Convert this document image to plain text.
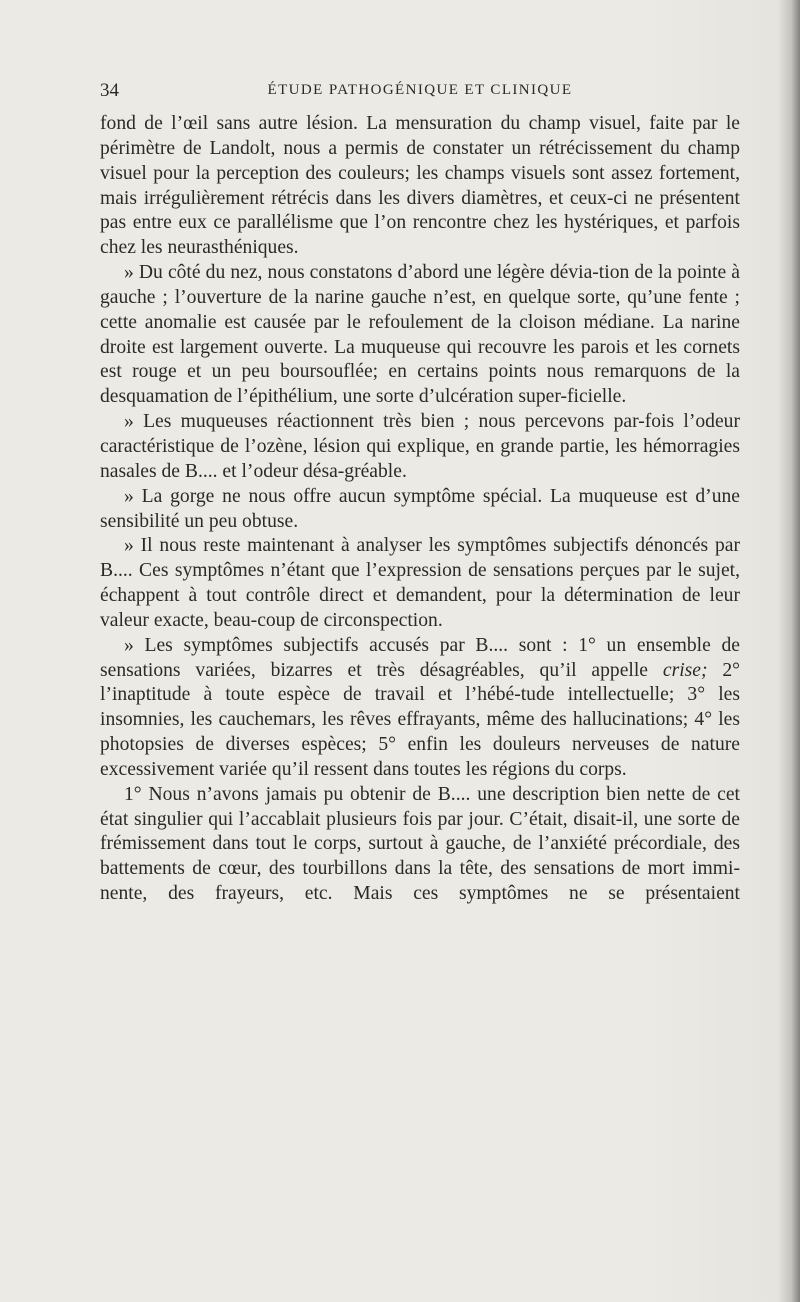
34	ÉTUDE PATHOGÉNIQUE ET CLINIQUE

fond de l’œil sans autre lésion. La mensuration du champ visuel, faite par le périmètre de Landolt, nous a permis de constater un rétrécissement du champ visuel pour la perception des couleurs; les champs visuels sont assez fortement, mais irrégulièrement rétrécis dans les divers diamètres, et ceux-ci ne présentent pas entre eux ce parallélisme que l’on rencontre chez les hystériques, et parfois chez les neurasthéniques.

» Du côté du nez, nous constatons d’abord une légère dévia-tion de la pointe à gauche ; l’ouverture de la narine gauche n’est, en quelque sorte, qu’une fente ; cette anomalie est causée par le refoulement de la cloison médiane. La narine droite est largement ouverte. La muqueuse qui recouvre les parois et les cornets est rouge et un peu boursouflée; en certains points nous remarquons de la desquamation de l’épithélium, une sorte d’ulcération super-ficielle.

» Les muqueuses réactionnent très bien ; nous percevons par-fois l’odeur caractéristique de l’ozène, lésion qui explique, en grande partie, les hémorragies nasales de B.... et l’odeur désa-gréable.

» La gorge ne nous offre aucun symptôme spécial. La muqueuse est d’une sensibilité un peu obtuse.

» Il nous reste maintenant à analyser les symptômes subjectifs dénoncés par B.... Ces symptômes n’étant que l’expression de sensations perçues par le sujet, échappent à tout contrôle direct et demandent, pour la détermination de leur valeur exacte, beau-coup de circonspection.

» Les symptômes subjectifs accusés par B.... sont : 1° un ensemble de sensations variées, bizarres et très désagréables, qu’il appelle crise; 2° l’inaptitude à toute espèce de travail et l’hébé-tude intellectuelle; 3° les insomnies, les cauchemars, les rêves effrayants, même des hallucinations; 4° les photopsies de diverses espèces; 5° enfin les douleurs nerveuses de nature excessivement variée qu’il ressent dans toutes les régions du corps.

1° Nous n’avons jamais pu obtenir de B.... une description bien nette de cet état singulier qui l’accablait plusieurs fois par jour. C’était, disait-il, une sorte de frémissement dans tout le corps, surtout à gauche, de l’anxiété précordiale, des battements de cœur, des tourbillons dans la tête, des sensations de mort immi-nente, des frayeurs, etc. Mais ces symptômes ne se présentaient
